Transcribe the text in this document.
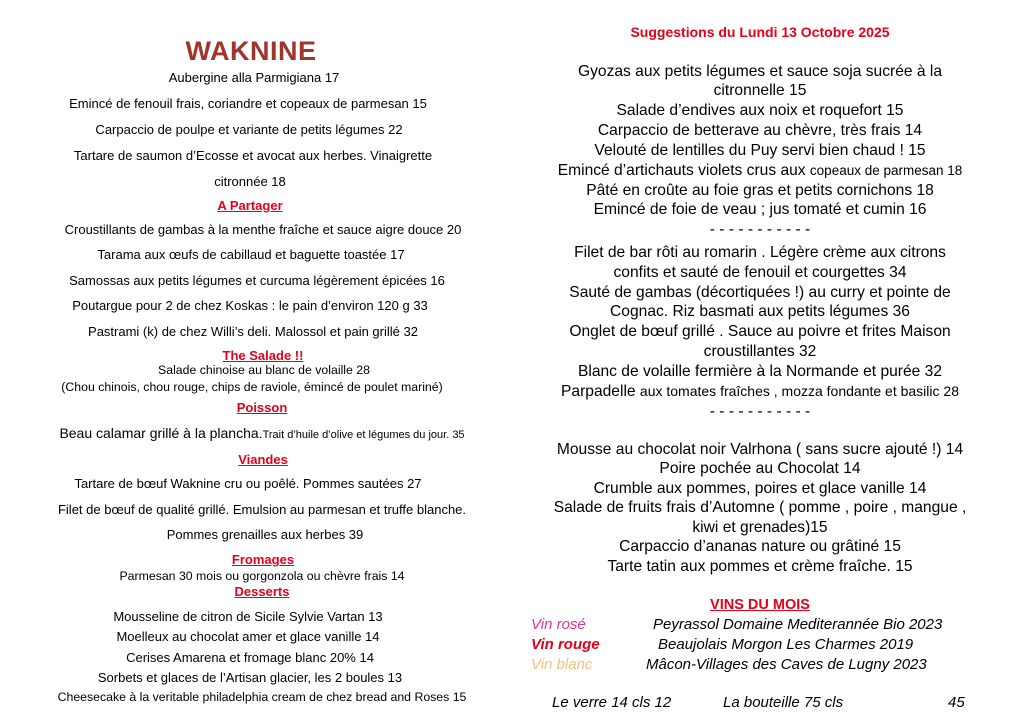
WAKNINE
Aubergine alla Parmigiana 17
Emincé de fenouil frais, coriandre et copeaux de parmesan 15
Carpaccio de poulpe et variante de petits légumes 22
Tartare de saumon d’Ecosse et avocat aux herbes. Vinaigrette
citronnée 18
A Partager
Croustillants de gambas à la menthe fraîche et sauce aigre douce 20
Tarama aux œufs de cabillaud et baguette toastée 17
Samossas aux petits légumes et curcuma légèrement épicées 16
Poutargue pour 2 de chez Koskas : le pain d’environ 120 g 33
Pastrami (k) de chez Willi’s deli. Malossol et pain grillé 32
The Salade !!
Salade chinoise au blanc de volaille 28
(Chou chinois, chou rouge, chips de raviole, émincé de poulet mariné)
Poisson
Beau calamar grillé à la plancha.Trait d’huile d’olive et légumes du jour. 35
Viandes
Tartare de bœuf Waknine cru ou poêlé. Pommes sautées 27
Filet de bœuf de qualité grillé. Emulsion au parmesan et truffe blanche.
Pommes grenailles aux herbes 39
Fromages
Parmesan 30 mois ou gorgonzola ou chèvre frais 14
Desserts
Mousseline de citron de Sicile Sylvie Vartan 13
Moelleux au chocolat amer et glace vanille 14
Cerises Amarena et fromage blanc 20% 14
Sorbets et glaces de l’Artisan glacier, les 2 boules 13
Cheesecake à la veritable philadelphia cream de chez bread and Roses 15
Suggestions du Lundi 13 Octobre 2025
Gyozas aux petits légumes et sauce soja sucrée à la
citronnelle 15
Salade d’endives aux noix et roquefort 15
Carpaccio de betterave au chèvre, très frais 14
Velouté de lentilles du Puy servi bien chaud ! 15
Emincé d’artichauts violets crus aux copeaux de parmesan 18
Pâté en croûte au foie gras et petits cornichons 18
Emincé de foie de veau ; jus tomaté et cumin 16
- - - - - - - - - - -
Filet de bar rôti au romarin . Légère crème aux citrons
confits et sauté de fenouil et courgettes 34
Sauté de gambas (décortiquées !) au curry et pointe de
Cognac. Riz basmati aux petits légumes 36
Onglet de bœuf grillé . Sauce au poivre et frites Maison
croustillantes 32
Blanc de volaille fermière à la Normande et purée 32
Parpadelle aux tomates fraîches , mozza fondante et basilic 28
- - - - - - - - - - -
Mousse au chocolat noir Valrhona ( sans sucre ajouté !) 14
Poire pochée au Chocolat 14
Crumble aux pommes, poires et glace vanille 14
Salade de fruits frais d’Automne ( pomme , poire , mangue ,
kiwi et grenades)15
Carpaccio d’ananas nature ou grâtiné 15
Tarte tatin aux pommes et crème fraîche. 15
VINS DU MOIS
Vin rosé	Peyrassol Domaine Mediterannée Bio 2023
Vin rouge	Beaujolais Morgon Les Charmes 2019
Vin blanc	Mâcon-Villages des Caves de Lugny 2023
Le verre 14 cls 12	La bouteille 75 cls	45
